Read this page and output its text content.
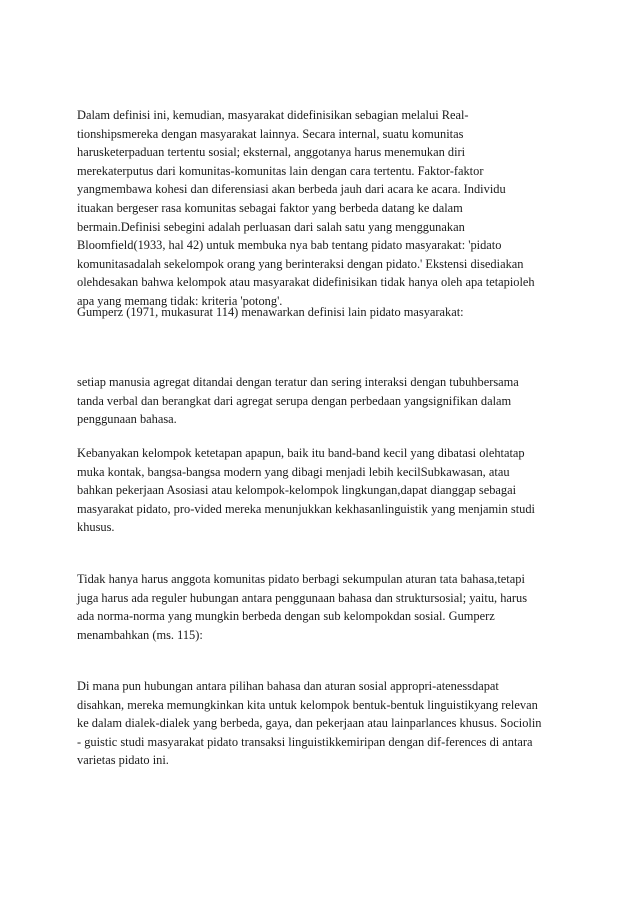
Dalam definisi ini, kemudian, masyarakat didefinisikan sebagian melalui Real-
tionshipsmereka dengan masyarakat lainnya. Secara internal, suatu komunitas
harusketerpaduan tertentu sosial; eksternal, anggotanya harus menemukan diri
merekaterputus dari komunitas-komunitas lain dengan cara tertentu. Faktor-faktor
yangmembawa kohesi dan diferensiasi akan berbeda jauh dari acara ke acara. Individu
ituakan bergeser rasa komunitas sebagai faktor yang berbeda datang ke dalam
bermain.Definisi sebegini adalah perluasan dari salah satu yang menggunakan
Bloomfield(1933, hal 42) untuk membuka nya bab tentang pidato masyarakat: 'pidato
komunitasadalah sekelompok orang yang berinteraksi dengan pidato.' Ekstensi disediakan
olehdesakan bahwa kelompok atau masyarakat didefinisikan tidak hanya oleh apa tetapioleh
apa yang memang tidak: kriteria 'potong'.

Gumperz (1971, mukasurat 114) menawarkan definisi lain pidato masyarakat:

setiap manusia agregat ditandai dengan teratur dan sering interaksi dengan tubuhbersama
tanda verbal dan berangkat dari agregat serupa dengan perbedaan yangsignifikan dalam
penggunaan bahasa.

Kebanyakan kelompok ketetapan apapun, baik itu band-band kecil yang dibatasi olehtatap
muka kontak, bangsa-bangsa modern yang dibagi menjadi lebih kecilSubkawasan, atau
bahkan pekerjaan Asosiasi atau kelompok-kelompok lingkungan,dapat dianggap sebagai
masyarakat pidato, pro-vided mereka menunjukkan kekhasanlinguistik yang menjamin studi
khusus.

Tidak hanya harus anggota komunitas pidato berbagi sekumpulan aturan tata bahasa,tetapi
juga harus ada reguler hubungan antara penggunaan bahasa dan struktursosial; yaitu, harus
ada norma-norma yang mungkin berbeda dengan sub kelompokdan sosial. Gumperz
menambahkan (ms. 115):

Di mana pun hubungan antara pilihan bahasa dan aturan sosial appropri-atenessdapat
disahkan, mereka memungkinkan kita untuk kelompok bentuk-bentuk linguistikyang relevan
ke dalam dialek-dialek yang berbeda, gaya, dan pekerjaan atau lainparlances khusus. Sociolin
- guistic studi masyarakat pidato transaksi linguistikkemiripan dengan dif-ferences di antara
varietas pidato ini.
